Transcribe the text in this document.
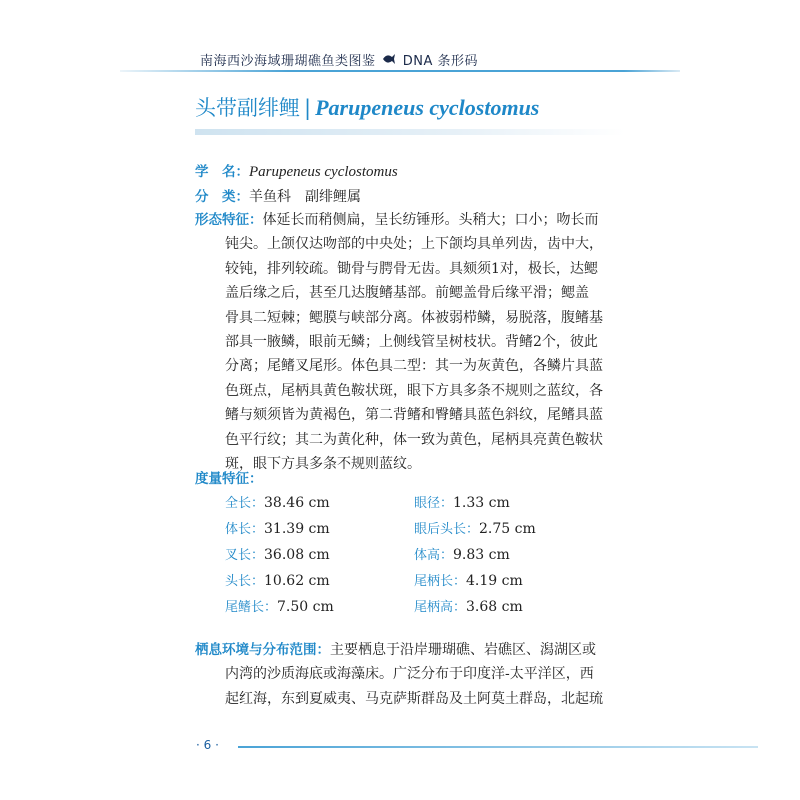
南海西沙海域珊瑚礁鱼类图鉴 DNA 条形码
头带副绯鲤 | Parupeneus cyclostomus
学　名：Parupeneus cyclostomus
分　类：羊鱼科　副绯鲤属
形态特征：体延长而稍侧扁，呈长纺锤形。头稍大；口小；吻长而
钝尖。上颌仅达吻部的中央处；上下颌均具单列齿，齿中大，
较钝，排列较疏。锄骨与腭骨无齿。具颏须1对，极长，达鳃
盖后缘之后，甚至几达腹鳍基部。前鳃盖骨后缘平滑；鳃盖
骨具二短棘；鳃膜与峡部分离。体被弱栉鳞，易脱落，腹鳍基
部具一腋鳞，眼前无鳞；上侧线管呈树枝状。背鳍2个，彼此
分离；尾鳍叉尾形。体色具二型：其一为灰黄色，各鳞片具蓝
色斑点，尾柄具黄色鞍状斑，眼下方具多条不规则之蓝纹，各
鳍与颏须皆为黄褐色，第二背鳍和臀鳍具蓝色斜纹，尾鳍具蓝
色平行纹；其二为黄化种，体一致为黄色，尾柄具亮黄色鞍状
斑，眼下方具多条不规则蓝纹。
度量特征：
全长：38.46 cm
体长：31.39 cm
叉长：36.08 cm
头长：10.62 cm
尾鳍长：7.50 cm
眼径：1.33 cm
眼后头长：2.75 cm
体高：9.83 cm
尾柄长：4.19 cm
尾柄高：3.68 cm
栖息环境与分布范围：主要栖息于沿岸珊瑚礁、岩礁区、潟湖区或
内湾的沙质海底或海藻床。广泛分布于印度洋-太平洋区，西
起红海，东到夏威夷、马克萨斯群岛及土阿莫土群岛，北起琉
· 6 ·
